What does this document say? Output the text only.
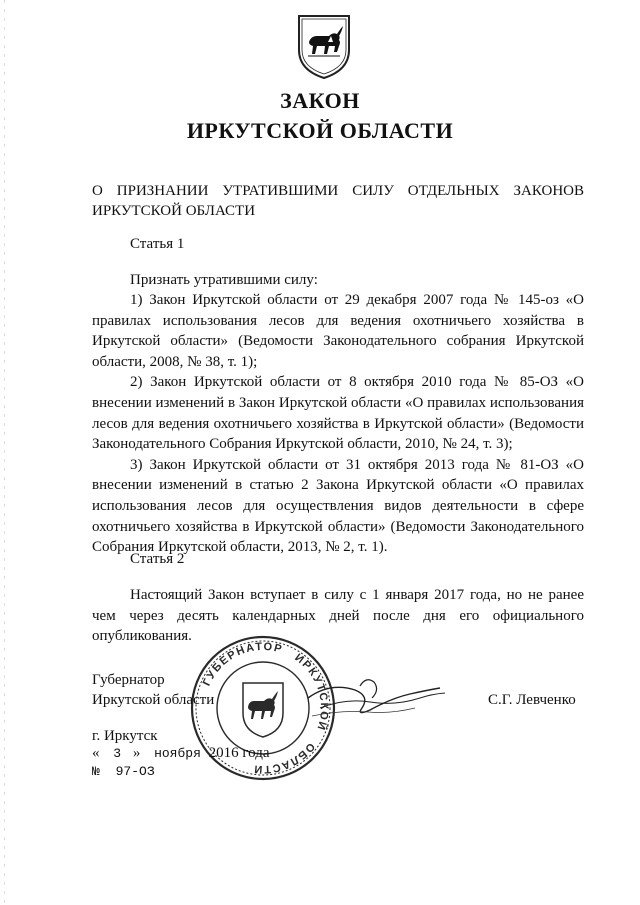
ЗАКОН
ИРКУТСКОЙ ОБЛАСТИ
О ПРИЗНАНИИ УТРАТИВШИМИ СИЛУ ОТДЕЛЬНЫХ ЗАКОНОВ ИРКУТСКОЙ ОБЛАСТИ
Статья 1
Признать утратившими силу:

1) Закон Иркутской области от 29 декабря 2007 года № 145-оз «О правилах использования лесов для ведения охотничьего хозяйства в Иркутской области» (Ведомости Законодательного собрания Иркутской области, 2008, № 38, т. 1);

2) Закон Иркутской области от 8 октября 2010 года № 85-ОЗ «О внесении изменений в Закон Иркутской области «О правилах использования лесов для ведения охотничьего хозяйства в Иркутской области» (Ведомости Законодательного Собрания Иркутской области, 2010, № 24, т. 3);

3) Закон Иркутской области от 31 октября 2013 года № 81-ОЗ «О внесении изменений в статью 2 Закона Иркутской области «О правилах использования лесов для осуществления видов деятельности в сфере охотничьего хозяйства в Иркутской области» (Ведомости Законодательного Собрания Иркутской области, 2013, № 2, т. 1).

Статья 2

Настоящий Закон вступает в силу с 1 января 2017 года, но не ранее чем через десять календарных дней после дня его официального опубликования.

ГУБЕРНАТОР
ИРКУТСКОЙ
ОБЛАСТИ
Губернатор
Иркутской области	С.Г. Левченко
г. Иркутск
« 3 » ноября 2016 года
№ 97-ОЗ
